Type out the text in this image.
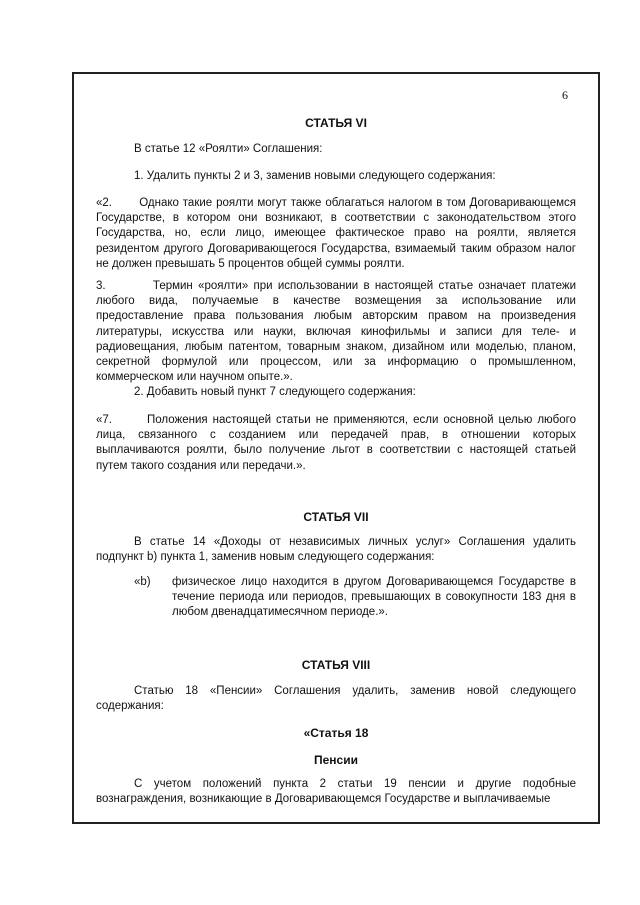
6

СТАТЬЯ VI

В статье 12 «Роялти» Соглашения:

1. Удалить пункты 2 и 3, заменив новыми следующего содержания:

«2.       Однако такие роялти могут также облагаться налогом в том Договаривающемся Государстве, в котором они возникают, в соответствии с законодательством этого Государства, но, если лицо, имеющее фактическое право на роялти, является резидентом другого Договаривающегося Государства, взимаемый таким образом налог не должен превышать 5 процентов общей суммы роялти.

3.         Термин «роялти» при использовании в настоящей статье означает платежи любого вида, получаемые в качестве возмещения за использование или предоставление права пользования любым авторским правом на произведения литературы, искусства или науки, включая кинофильмы и записи для теле- и радиовещания, любым патентом, товарным знаком, дизайном или моделью, планом, секретной формулой или процессом, или за информацию о промышленном, коммерческом или научном опыте.».

2. Добавить новый пункт 7 следующего содержания:

«7.       Положения настоящей статьи не применяются, если основной целью любого лица, связанного с созданием или передачей прав, в отношении которых выплачиваются роялти, было получение льгот в соответствии с настоящей статьей путем такого создания или передачи.».

СТАТЬЯ VII

В статье 14 «Доходы от независимых личных услуг» Соглашения удалить подпункт b) пункта 1, заменив новым следующего содержания:

«b) физическое лицо находится в другом Договаривающемся Государстве в течение периода или периодов, превышающих в совокупности 183 дня в любом двенадцатимесячном периоде.».

СТАТЬЯ VIII

Статью 18 «Пенсии» Соглашения удалить, заменив новой следующего содержания:

«Статья 18

Пенсии

С учетом положений пункта 2 статьи 19 пенсии и другие подобные вознаграждения, возникающие в Договаривающемся Государстве и выплачиваемые
